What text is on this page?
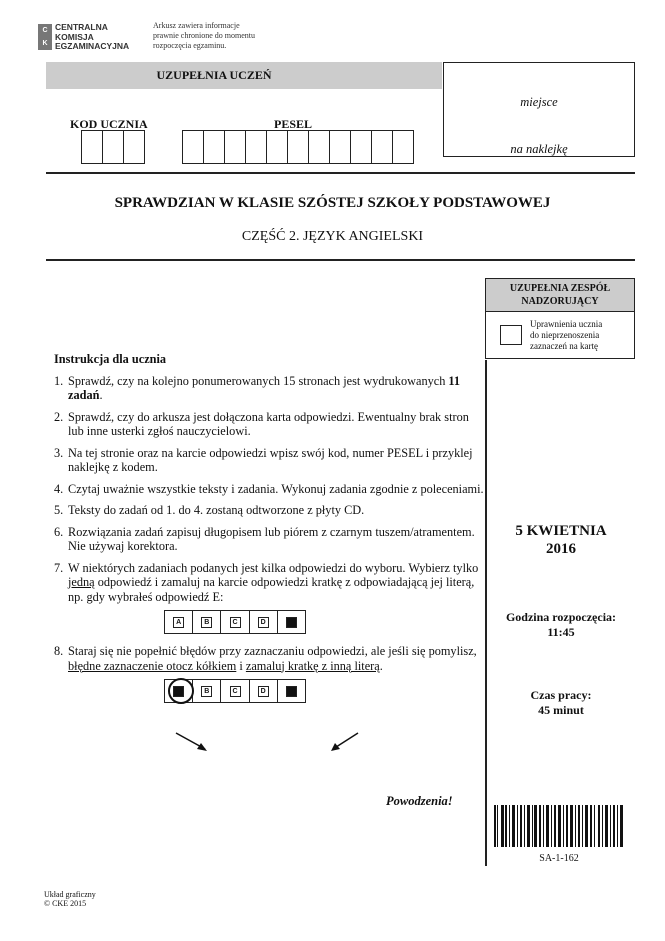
C
K
CENTRALNA
KOMISJA
EGZAMINACYJNA
Arkusz zawiera informacje
prawnie chronione do momentu
rozpoczęcia egzaminu.
UZUPEŁNIA UCZEŃ
miejsce
na naklejkę
KOD UCZNIA	PESEL
SPRAWDZIAN W KLASIE SZÓSTEJ SZKOŁY PODSTAWOWEJ
CZĘŚĆ 2. JĘZYK ANGIELSKI
UZUPEŁNIA ZESPÓŁ
NADZORUJĄCY
Uprawnienia ucznia
do nieprzenoszenia
zaznaczeń na kartę
Instrukcja dla ucznia
1. Sprawdź, czy na kolejno ponumerowanych 15 stronach jest wydrukowanych 11 zadań.
2. Sprawdź, czy do arkusza jest dołączona karta odpowiedzi. Ewentualny brak stron lub inne usterki zgłoś nauczycielowi.
3. Na tej stronie oraz na karcie odpowiedzi wpisz swój kod, numer PESEL i przyklej naklejkę z kodem.
4. Czytaj uważnie wszystkie teksty i zadania. Wykonuj zadania zgodnie z poleceniami.
5. Teksty do zadań od 1. do 4. zostaną odtworzone z płyty CD.
6. Rozwiązania zadań zapisuj długopisem lub piórem z czarnym tuszem/atramentem. Nie używaj korektora.
7. W niektórych zadaniach podanych jest kilka odpowiedzi do wyboru. Wybierz tylko jedną odpowiedź i zamaluj na karcie odpowiedzi kratkę z odpowiadającą jej literą, np. gdy wybrałeś odpowiedź E:
A	B	C	D
8. Staraj się nie popełnić błędów przy zaznaczaniu odpowiedzi, ale jeśli się pomylisz, błędne zaznaczenie otocz kółkiem i zamaluj kratkę z inną literą.
B	C	D
5 KWIETNIA
2016
Godzina rozpoczęcia:
11:45
Czas pracy:
45 minut
Powodzenia!
SA-1-162
Układ graficzny
© CKE 2015
